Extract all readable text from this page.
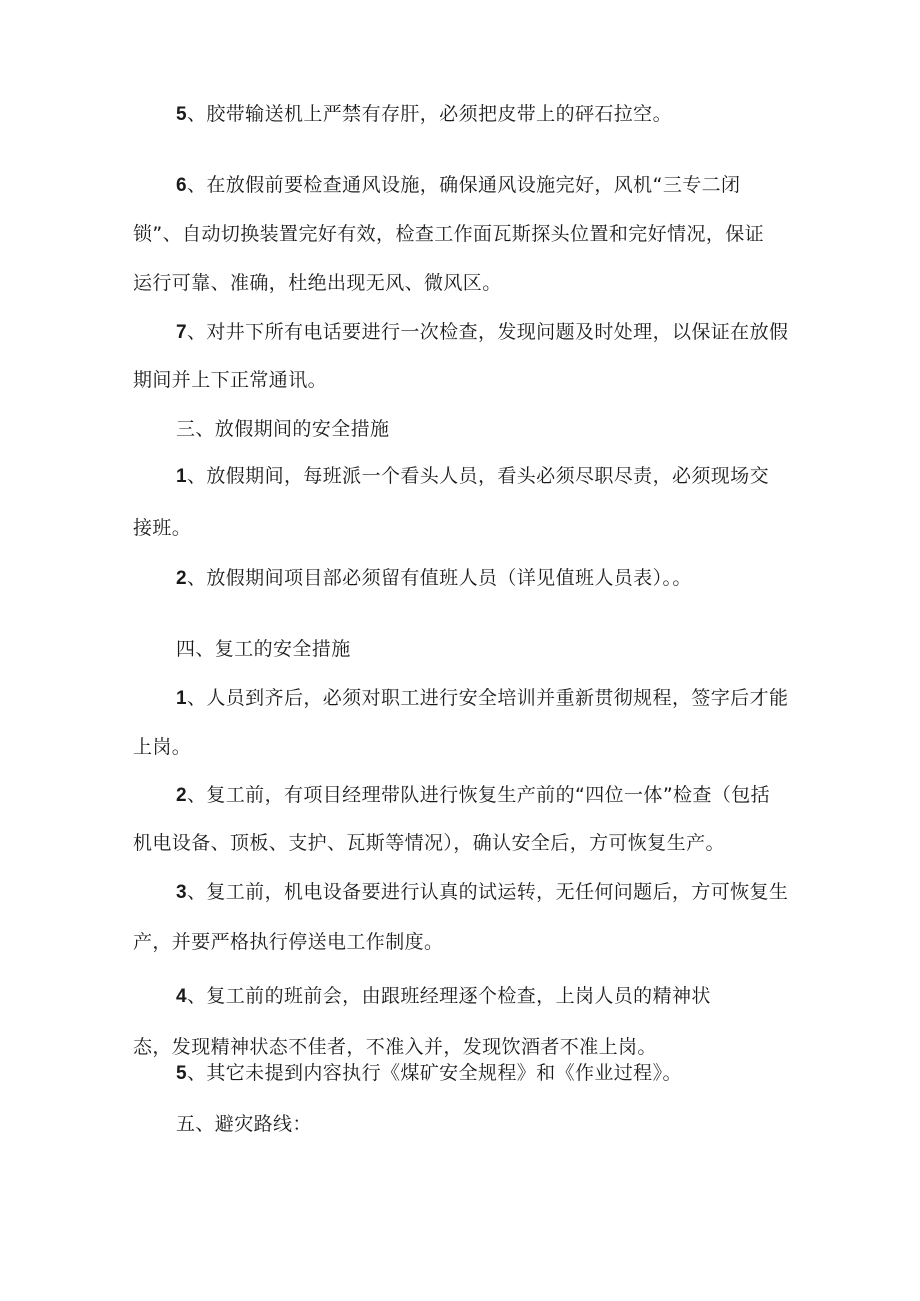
5、胶带输送机上严禁有存肝，必须把皮带上的砰石拉空。
6、在放假前要检查通风设施，确保通风设施完好，风机“三专二闭
锁”、自动切换装置完好有效，检查工作面瓦斯探头位置和完好情况，保证
运行可靠、准确，杜绝出现无风、微风区。
7、对井下所有电话要进行一次检查，发现问题及时处理，以保证在放假
期间并上下正常通讯。
三、放假期间的安全措施
1、放假期间，每班派一个看头人员，看头必须尽职尽责，必须现场交
接班。
2、放假期间项目部必须留有值班人员（详见值班人员表）。。
四、复工的安全措施
1、人员到齐后，必须对职工进行安全培训并重新贯彻规程，签字后才能
上岗。
2、复工前，有项目经理带队进行恢复生产前的“四位一体”检查（包括
机电设备、顶板、支护、瓦斯等情况），确认安全后，方可恢复生产。
3、复工前，机电设备要进行认真的试运转，无任何问题后，方可恢复生
产，并要严格执行停送电工作制度。
4、复工前的班前会，由跟班经理逐个检查，上岗人员的精神状
态，发现精神状态不佳者，不准入并，发现饮酒者不准上岗。
5、其它未提到内容执行《煤矿安全规程》和《作业过程》。
五、避灾路线：
